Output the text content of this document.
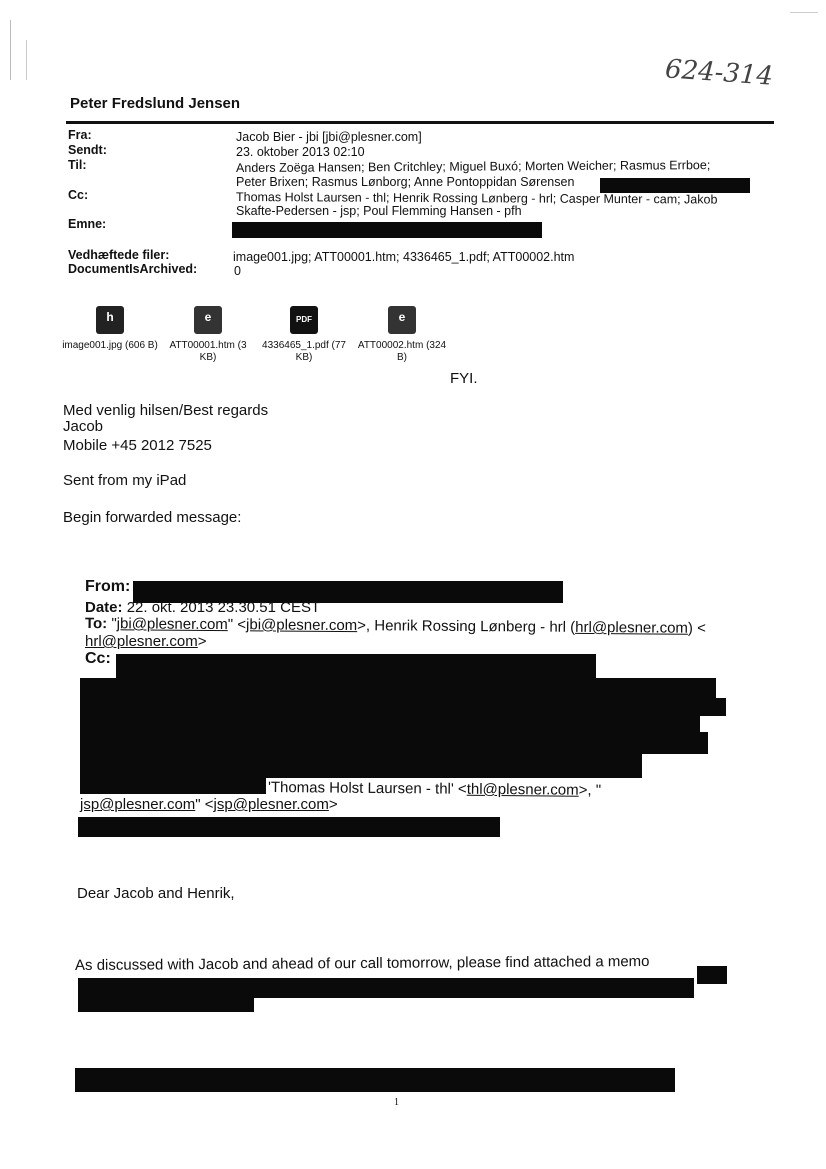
624-314
Peter Fredslund Jensen
Fra:
Sendt:
Til:
Cc:
Emne:
Vedhæftede filer:
DocumentIsArchived:
Jacob Bier - jbi [jbi@plesner.com]
23. oktober 2013 02:10
Anders Zoëga Hansen; Ben Critchley; Miguel Buxó; Morten Weicher; Rasmus Errboe;
Peter Brixen; Rasmus Lønborg; Anne Pontoppidan Sørensen
Thomas Holst Laursen - thl; Henrik Rossing Lønberg - hrl; Casper Munter - cam; Jakob
Skafte-Pedersen - jsp; Poul Flemming Hansen - pfh
image001.jpg; ATT00001.htm; 4336465_1.pdf; ATT00002.htm
0
h
image001.jpg (606 B)
e
ATT00001.htm (3 KB)
PDF
4336465_1.pdf (77 KB)
e
ATT00002.htm (324 B)
FYI.
Med venlig hilsen/Best regards
Jacob
Mobile +45 2012 7525
Sent from my iPad
Begin forwarded message:
From:
Date: 22. okt. 2013 23.30.51 CEST
To: "jbi@plesner.com" <jbi@plesner.com>, Henrik Rossing Lønberg - hrl (hrl@plesner.com) <
hrl@plesner.com>
Cc:
'Thomas Holst Laursen - thl' <thl@plesner.com>, "
jsp@plesner.com" <jsp@plesner.com>
Dear Jacob and Henrik,
As discussed with Jacob and ahead of our call tomorrow, please find attached a memo
1
